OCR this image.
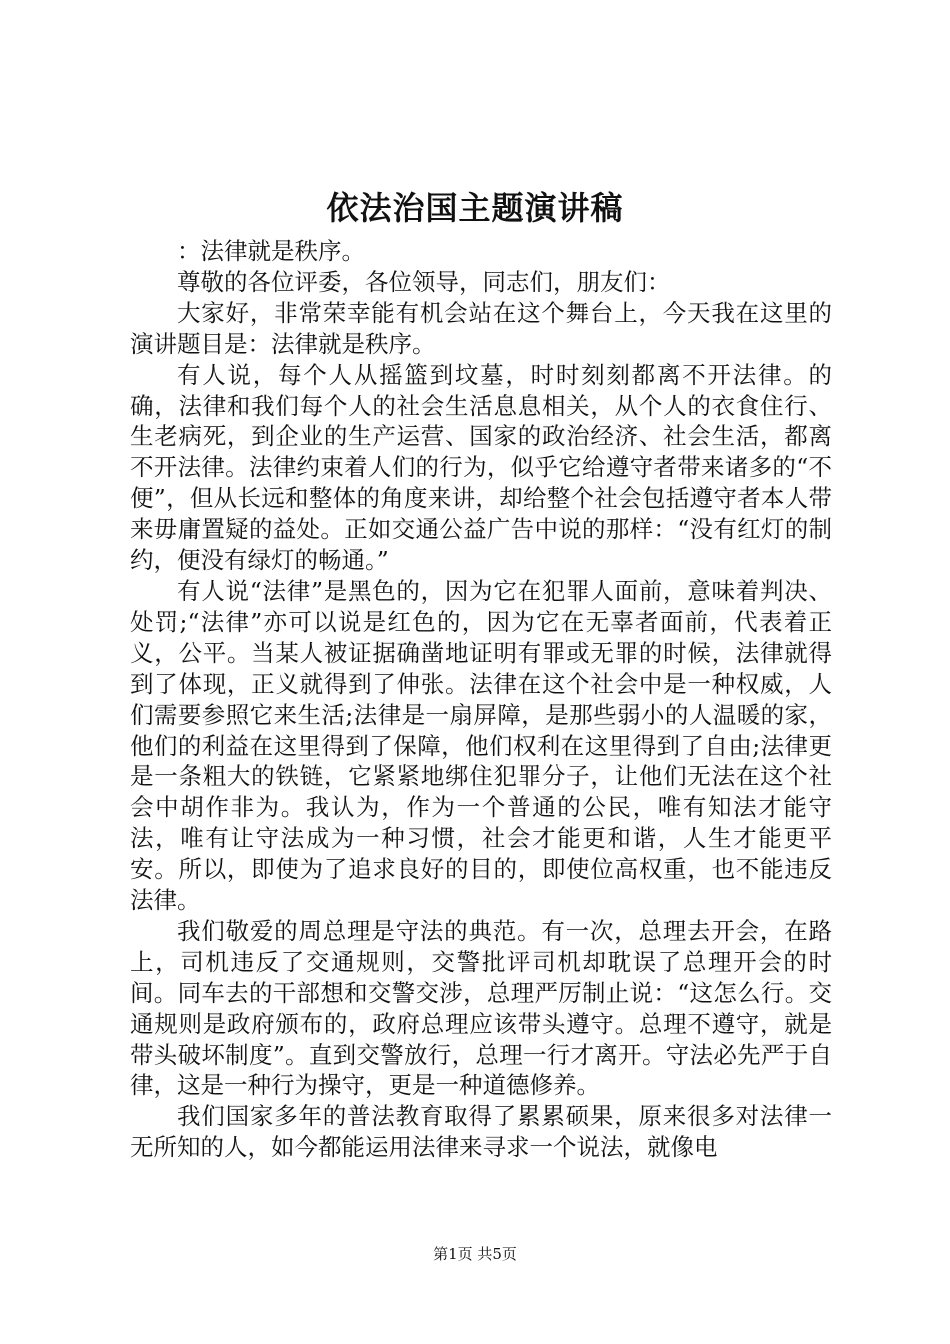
依法治国主题演讲稿

：法律就是秩序。

尊敬的各位评委，各位领导，同志们，朋友们：

大家好，非常荣幸能有机会站在这个舞台上，今天我在这里的演讲题目是：法律就是秩序。

有人说，每个人从摇篮到坟墓，时时刻刻都离不开法律。的确，法律和我们每个人的社会生活息息相关，从个人的衣食住行、生老病死，到企业的生产运营、国家的政治经济、社会生活，都离不开法律。法律约束着人们的行为，似乎它给遵守者带来诸多的“不便”，但从长远和整体的角度来讲，却给整个社会包括遵守者本人带来毋庸置疑的益处。正如交通公益广告中说的那样：“没有红灯的制约，便没有绿灯的畅通。”

有人说“法律”是黑色的，因为它在犯罪人面前，意味着判决、处罚;“法律”亦可以说是红色的，因为它在无辜者面前，代表着正义，公平。当某人被证据确凿地证明有罪或无罪的时候，法律就得到了体现，正义就得到了伸张。法律在这个社会中是一种权威，人们需要参照它来生活;法律是一扇屏障，是那些弱小的人温暖的家，他们的利益在这里得到了保障，他们权利在这里得到了自由;法律更是一条粗大的铁链，它紧紧地绑住犯罪分子，让他们无法在这个社会中胡作非为。我认为，作为一个普通的公民，唯有知法才能守法，唯有让守法成为一种习惯，社会才能更和谐，人生才能更平安。所以，即使为了追求良好的目的，即使位高权重，也不能违反法律。

我们敬爱的周总理是守法的典范。有一次，总理去开会，在路上，司机违反了交通规则，交警批评司机却耽误了总理开会的时间。同车去的干部想和交警交涉，总理严厉制止说：“这怎么行。交通规则是政府颁布的，政府总理应该带头遵守。总理不遵守，就是带头破坏制度”。直到交警放行，总理一行才离开。守法必先严于自律，这是一种行为操守，更是一种道德修养。

我们国家多年的普法教育取得了累累硕果，原来很多对法律一无所知的人，如今都能运用法律来寻求一个说法，就像电

第1页 共5页
